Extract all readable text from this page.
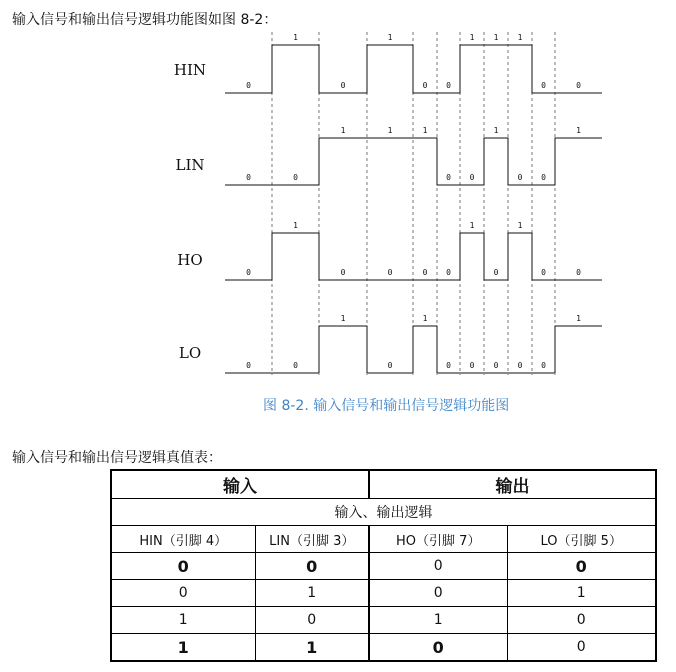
输入信号和输出信号逻辑功能图如图 8-2：
HIN
0
1
0
1
0 0
1 1 1
0	0
LIN
0	0
1	1	1
0 0
1
0 0
1
HO
0
1
0	0	0 0
1
0
1
0	0
LO
0	0
1
0
1
0 0 0 0 0
1
图 8-2. 输入信号和输出信号逻辑功能图
输入信号和输出信号逻辑真值表：
输入		输出	
输入、输出逻辑			
HIN（引脚 4）	LIN（引脚 3）	HO（引脚 7）	LO（引脚 5）
0	0	0	0
0	1	0	1
1	0	1	0
1	1	0	0
